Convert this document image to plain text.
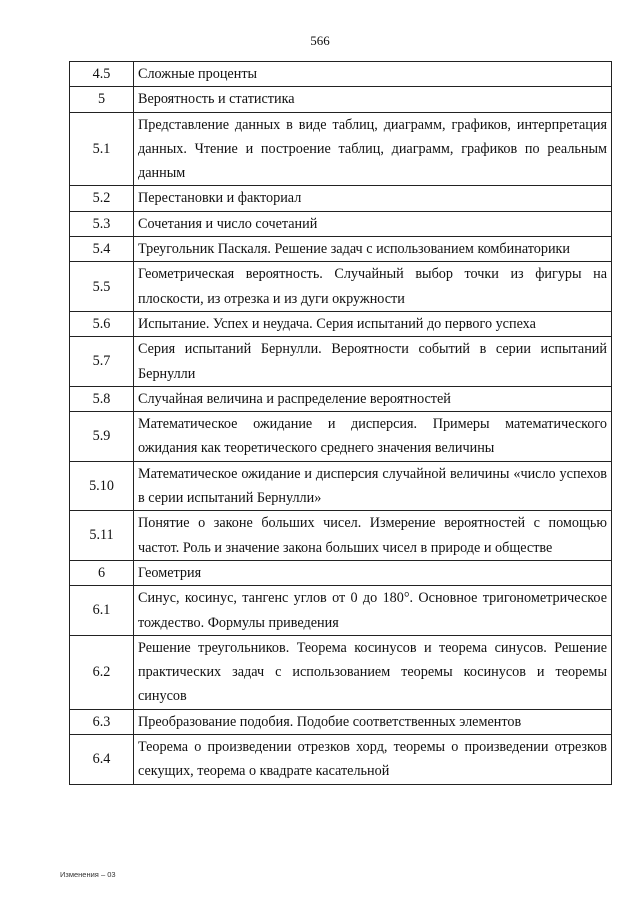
566
4.5	Сложные проценты
5	Вероятность и статистика
5.1	Представление данных в виде таблиц, диаграмм, графиков, интерпретация данных. Чтение и построение таблиц, диаграмм, графиков по реальным данным
5.2	Перестановки и факториал
5.3	Сочетания и число сочетаний
5.4	Треугольник Паскаля. Решение задач с использованием комбинаторики
5.5	Геометрическая вероятность. Случайный выбор точки из фигуры на плоскости, из отрезка и из дуги окружности
5.6	Испытание. Успех и неудача. Серия испытаний до первого успеха
5.7	Серия испытаний Бернулли. Вероятности событий в серии испытаний Бернулли
5.8	Случайная величина и распределение вероятностей
5.9	Математическое ожидание и дисперсия. Примеры математического ожидания как теоретического среднего значения величины
5.10	Математическое ожидание и дисперсия случайной величины «число успехов в серии испытаний Бернулли»
5.11	Понятие о законе больших чисел. Измерение вероятностей с помощью частот. Роль и значение закона больших чисел в природе и обществе
6	Геометрия
6.1	Синус, косинус, тангенс углов от 0 до 180°. Основное тригонометрическое тождество. Формулы приведения
6.2	Решение треугольников. Теорема косинусов и теорема синусов. Решение практических задач с использованием теоремы косинусов и теоремы синусов
6.3	Преобразование подобия. Подобие соответственных элементов
6.4	Теорема о произведении отрезков хорд, теоремы о произведении отрезков секущих, теорема о квадрате касательной
Изменения – 03
